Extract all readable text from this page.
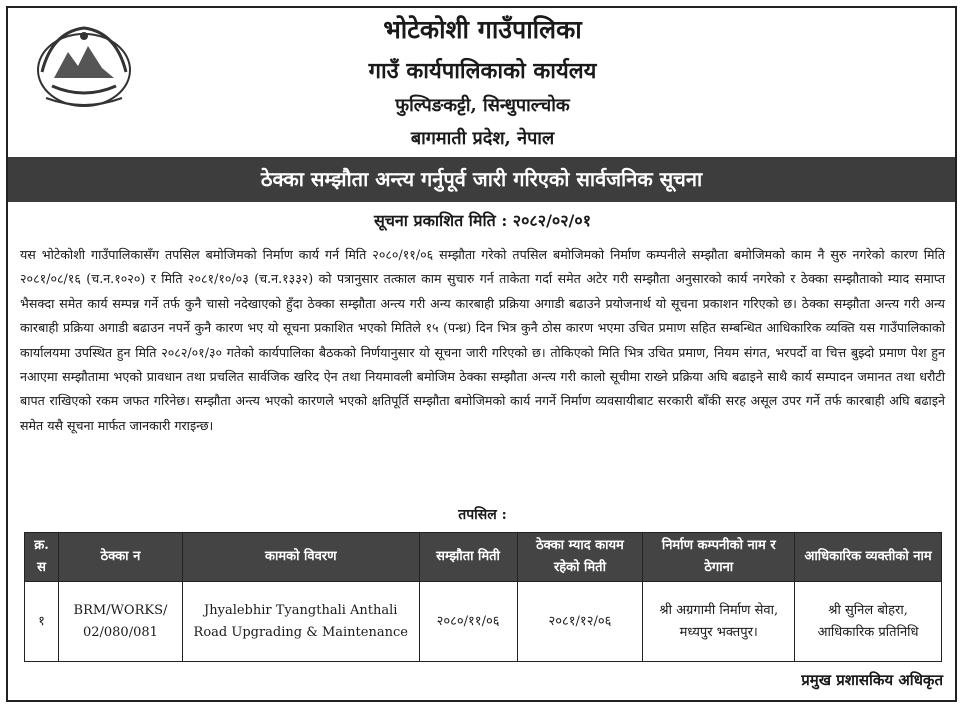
भोटेकोशी गाउँपालिका
गाउँ कार्यपालिकाको कार्यलय
फुल्पिङकट्टी, सिन्धुपाल्चोक
बागमाती प्रदेश, नेपाल
ठेक्का सम्झौता अन्त्य गर्नुपूर्व जारी गरिएको सार्वजनिक सूचना
सूचना प्रकाशित मिति : २०८२/०२/०१

यस भोटेकोशी गाउँपालिकासँग तपसिल बमोजिमको निर्माण कार्य गर्न मिति २०८०/११/०६ सम्झौता गरेको तपसिल बमोजिमको निर्माण कम्पनीले सम्झौता बमोजिमको काम नै सुरु नगरेको कारण मिति २०८१/०८/१६ (च.न.१०२०) र मिति २०८१/१०/०३ (च.न.१३३२) को पत्रानुसार तत्काल काम सुचारु गर्न ताकेता गर्दा समेत अटेर गरी सम्झौता अनुसारको कार्य नगरेको र ठेक्का सम्झौताको म्याद समाप्त भैसक्दा समेत कार्य सम्पन्न गर्ने तर्फ कुनै चासो नदेखाएको हुँदा ठेक्का सम्झौता अन्त्य गरी अन्य कारबाही प्रक्रिया अगाडी बढाउने प्रयोजनार्थ यो सूचना प्रकाशन गरिएको छ। ठेक्का सम्झौता अन्त्य गरी अन्य कारबाही प्रक्रिया अगाडी बढाउन नपर्ने कुनै कारण भए यो सूचना प्रकाशित भएको मितिले १५ (पन्ध्र) दिन भित्र कुनै ठोस कारण भएमा उचित प्रमाण सहित सम्बन्धित आधिकारिक व्यक्ति यस गाउँपालिकाको कार्यालयमा उपस्थित हुन मिति २०८२/०१/३० गतेको कार्यपालिका बैठकको निर्णयानुसार यो सूचना जारी गरिएको छ। तोकिएको मिति भित्र उचित प्रमाण, नियम संगत, भरपर्दो वा चित्त बुझ्दो प्रमाण पेश हुन नआएमा सम्झौतामा भएको प्रावधान तथा प्रचलित सार्वजिक खरिद ऐन तथा नियमावली बमोजिम ठेक्का सम्झौता अन्त्य गरी कालो सूचीमा राख्ने प्रक्रिया अघि बढाइने साथै कार्य सम्पादन जमानत तथा धरौटी बापत राखिएको रकम जफत गरिनेछ। सम्झौता अन्त्य भएको कारणले भएको क्षतिपूर्ति सम्झौता बमोजिमको कार्य नगर्ने निर्माण व्यवसायीबाट सरकारी बाँकी सरह असूल उपर गर्ने तर्फ कारबाही अघि बढाइने समेत यसै सूचना मार्फत जानकारी गराइन्छ।

तपसिल :
क्र. स	ठेक्का न	कामको विवरण	सम्झौता मिती	ठेक्का म्याद कायम रहेको मिती	निर्माण कम्पनीको नाम र ठेगाना	आधिकारिक व्यक्तीको नाम
१	BRM/WORKS/ 02/080/081	Jhyalebhir Tyangthali Anthali Road Upgrading & Maintenance	२०८०/११/०६	२०८१/१२/०६	श्री अग्रगामी निर्माण सेवा, मध्यपुर भक्तपुर।	श्री सुनिल बोहरा, आधिकारिक प्रतिनिधि
प्रमुख प्रशासकिय अधिकृत
